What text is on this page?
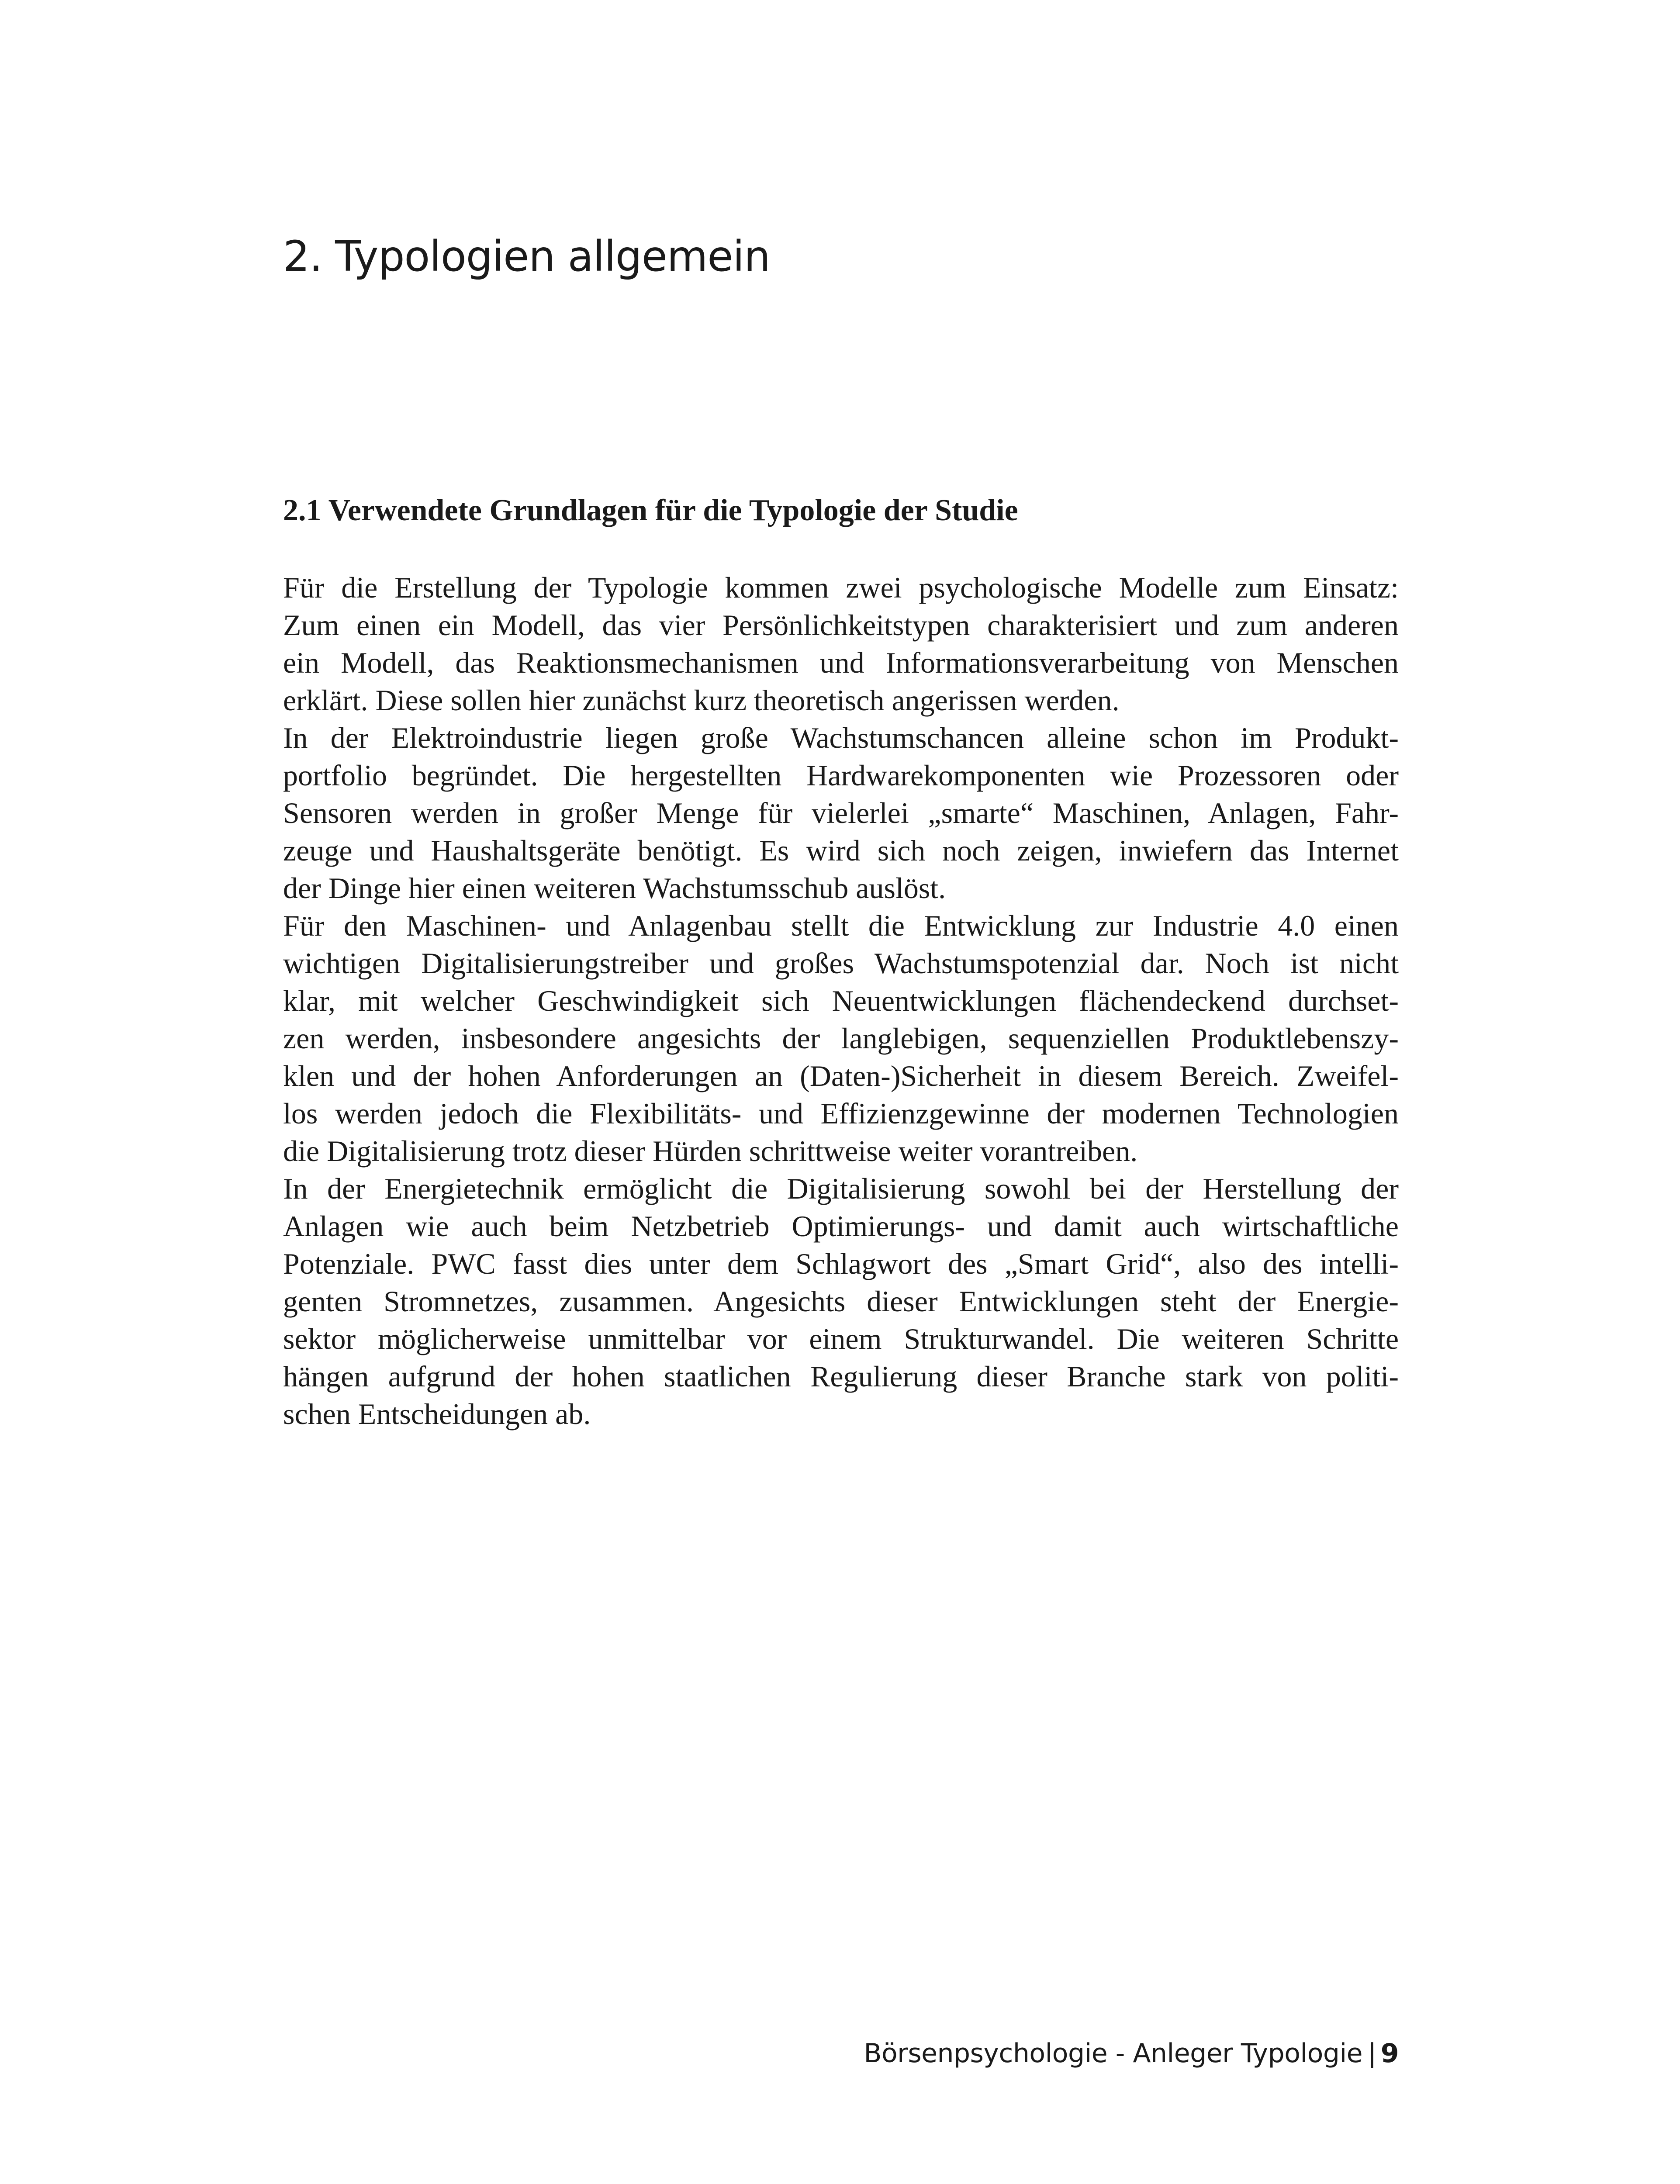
2. Typologien allgemein
2.1 Verwendete Grundlagen für die Typologie der Studie
Für die Erstellung der Typologie kommen zwei psychologische Modelle zum Einsatz:
Zum einen ein Modell, das vier Persönlichkeitstypen charakterisiert und zum anderen
ein Modell, das Reaktionsmechanismen und Informationsverarbeitung von Menschen
erklärt. Diese sollen hier zunächst kurz theoretisch angerissen werden.
In der Elektroindustrie liegen große Wachstumschancen alleine schon im Produkt-
portfolio begründet. Die hergestellten Hardwarekomponenten wie Prozessoren oder
Sensoren werden in großer Menge für vielerlei „smarte“ Maschinen, Anlagen, Fahr-
zeuge und Haushaltsgeräte benötigt. Es wird sich noch zeigen, inwiefern das Internet
der Dinge hier einen weiteren Wachstumsschub auslöst.
Für den Maschinen- und Anlagenbau stellt die Entwicklung zur Industrie 4.0 einen
wichtigen Digitalisierungstreiber und großes Wachstumspotenzial dar. Noch ist nicht
klar, mit welcher Geschwindigkeit sich Neuentwicklungen flächendeckend durchset-
zen werden, insbesondere angesichts der langlebigen, sequenziellen Produktlebenszy-
klen und der hohen Anforderungen an (Daten-)Sicherheit in diesem Bereich. Zweifel-
los werden jedoch die Flexibilitäts- und Effizienzgewinne der modernen Technologien
die Digitalisierung trotz dieser Hürden schrittweise weiter vorantreiben.
In der Energietechnik ermöglicht die Digitalisierung sowohl bei der Herstellung der
Anlagen wie auch beim Netzbetrieb Optimierungs- und damit auch wirtschaftliche
Potenziale. PWC fasst dies unter dem Schlagwort des „Smart Grid“, also des intelli-
genten Stromnetzes, zusammen. Angesichts dieser Entwicklungen steht der Energie-
sektor möglicherweise unmittelbar vor einem Strukturwandel. Die weiteren Schritte
hängen aufgrund der hohen staatlichen Regulierung dieser Branche stark von politi-
schen Entscheidungen ab.
Börsenpsychologie - Anleger Typologie | 9
